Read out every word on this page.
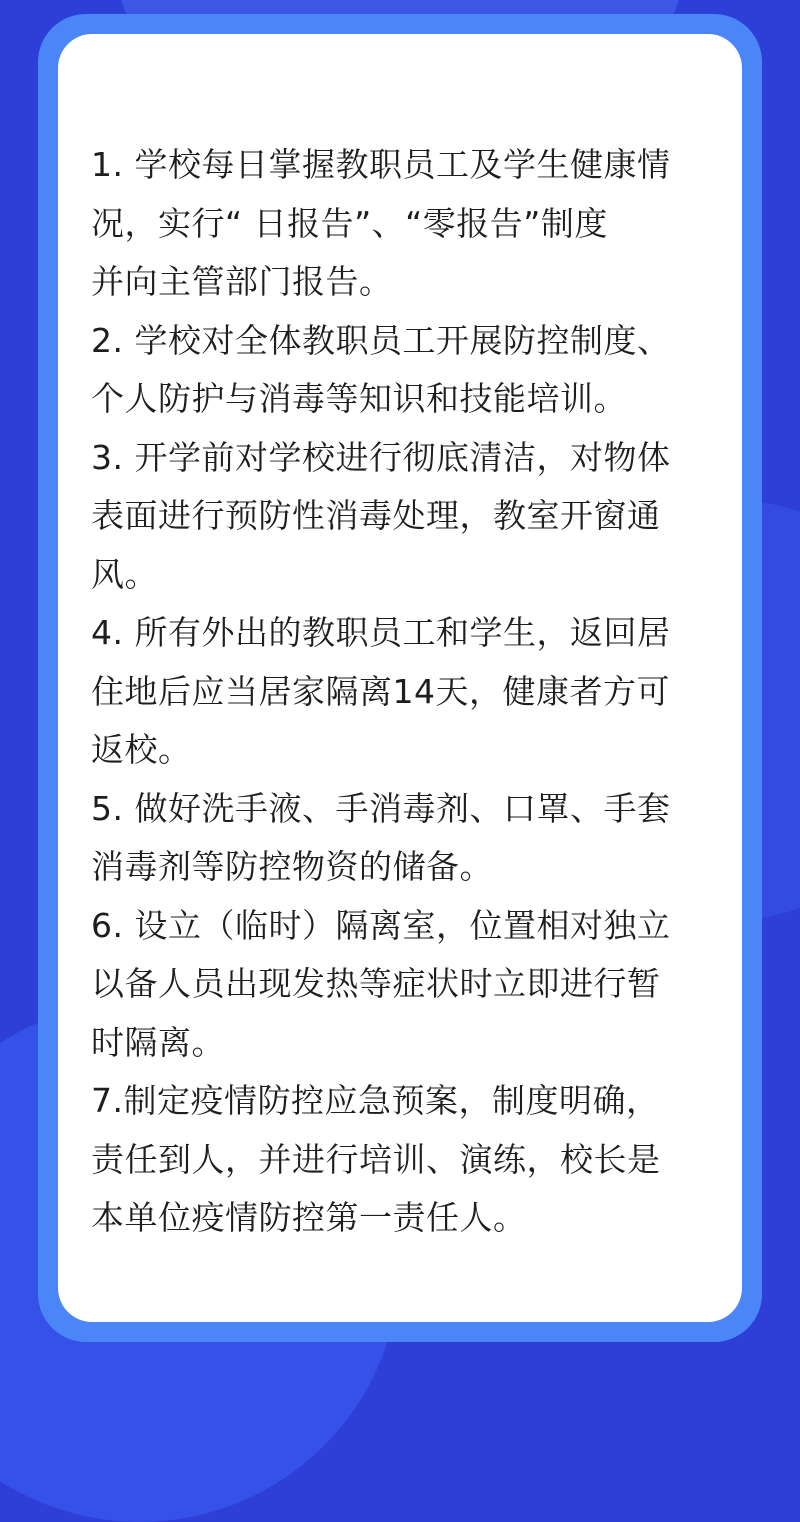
1. 学校每日掌握教职员工及学生健康情
况，实行“ 日报告”、“零报告”制度
并向主管部门报告。
2. 学校对全体教职员工开展防控制度、
个人防护与消毒等知识和技能培训。
3. 开学前对学校进行彻底清洁，对物体
表面进行预防性消毒处理，教室开窗通
风。
4. 所有外出的教职员工和学生，返回居
住地后应当居家隔离14天，健康者方可
返校。
5. 做好洗手液、手消毒剂、口罩、手套
消毒剂等防控物资的储备。
6. 设立（临时）隔离室，位置相对独立
以备人员出现发热等症状时立即进行暂
时隔离。
7.制定疫情防控应急预案，制度明确，
责任到人，并进行培训、演练，校长是
本单位疫情防控第一责任人。
